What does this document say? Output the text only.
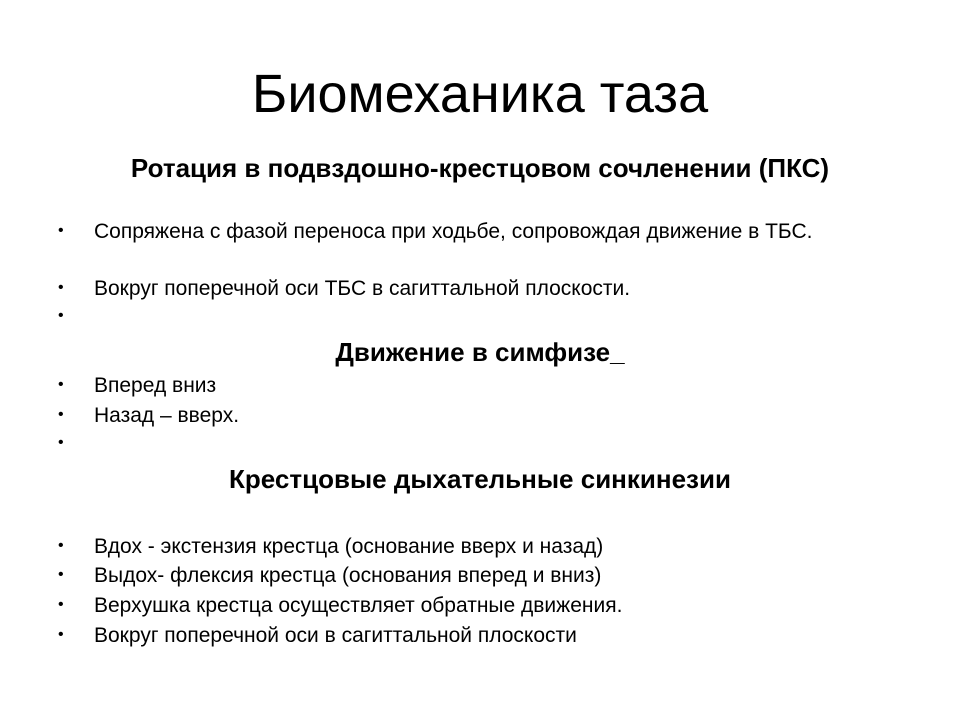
Биомеханика таза
Ротация в подвздошно-крестцовом сочленении (ПКС)
• Сопряжена с фазой переноса при ходьбе, сопровождая движение в ТБС.
• Вокруг поперечной оси ТБС в сагиттальной плоскости.
•
Движение в симфизе_
• Вперед вниз
• Назад – вверх.
•
Крестцовые дыхательные синкинезии
• Вдох - экстензия крестца (основание вверх и назад)
• Выдох- флексия крестца (основания вперед и вниз)
• Верхушка крестца осуществляет обратные движения.
• Вокруг поперечной оси в сагиттальной плоскости
